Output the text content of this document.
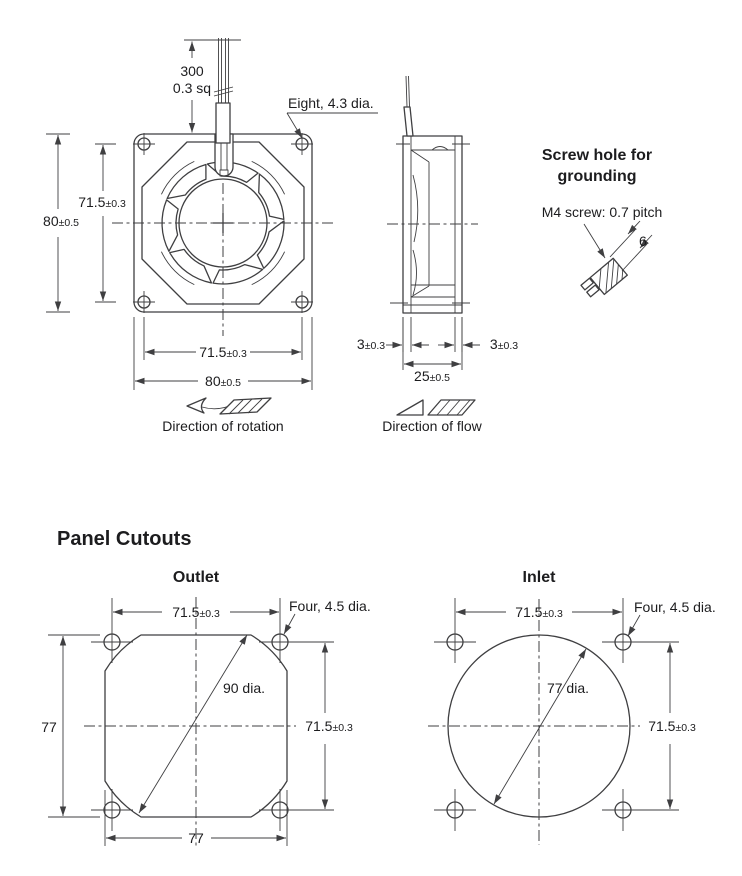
300
0.3 sq
Eight, 4.3 dia.
80±0.5
71.5±0.3
71.5±0.3
80±0.5
3±0.3	3±0.3
25±0.5
Screw hole for
grounding
M4 screw: 0.7 pitch
6
Direction of rotation	Direction of flow
Panel Cutouts
Outlet
71.5±0.3	Four, 4.5 dia.
90 dia.
77	71.5±0.3
77
Inlet
71.5±0.3	Four, 4.5 dia.
77 dia.
71.5±0.3
